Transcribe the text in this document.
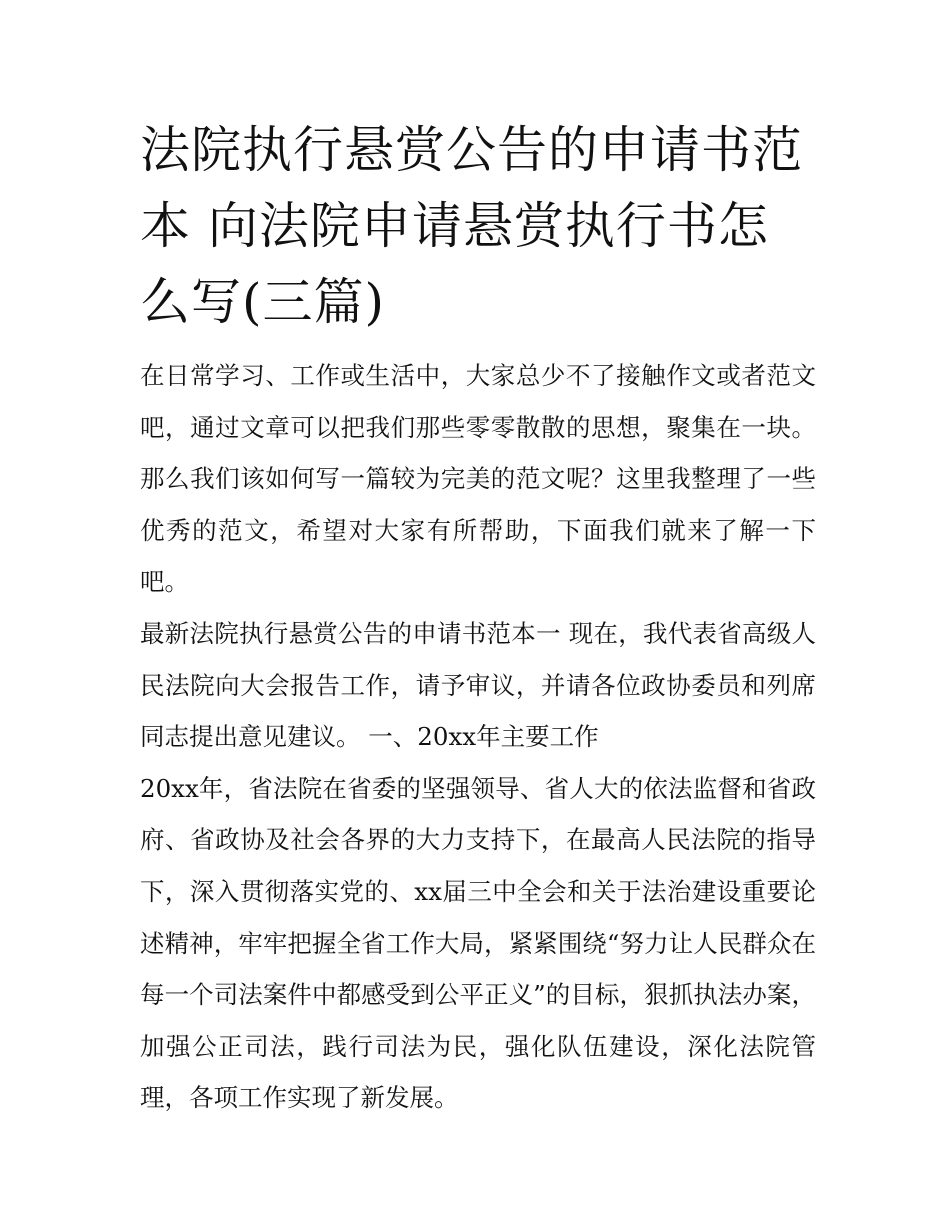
法院执行悬赏公告的申请书范本 向法院申请悬赏执行书怎么写(三篇)

在日常学习、工作或生活中，大家总少不了接触作文或者范文吧，通过文章可以把我们那些零零散散的思想，聚集在一块。那么我们该如何写一篇较为完美的范文呢？这里我整理了一些优秀的范文，希望对大家有所帮助，下面我们就来了解一下吧。

最新法院执行悬赏公告的申请书范本一 现在，我代表省高级人民法院向大会报告工作，请予审议，并请各位政协委员和列席同志提出意见建议。 一、20xx年主要工作

20xx年，省法院在省委的坚强领导、省人大的依法监督和省政府、省政协及社会各界的大力支持下，在最高人民法院的指导下，深入贯彻落实党的、xx届三中全会和关于法治建设重要论述精神，牢牢把握全省工作大局，紧紧围绕“努力让人民群众在每一个司法案件中都感受到公平正义”的目标，狠抓执法办案，加强公正司法，践行司法为民，强化队伍建设，深化法院管理，各项工作实现了新发展。
